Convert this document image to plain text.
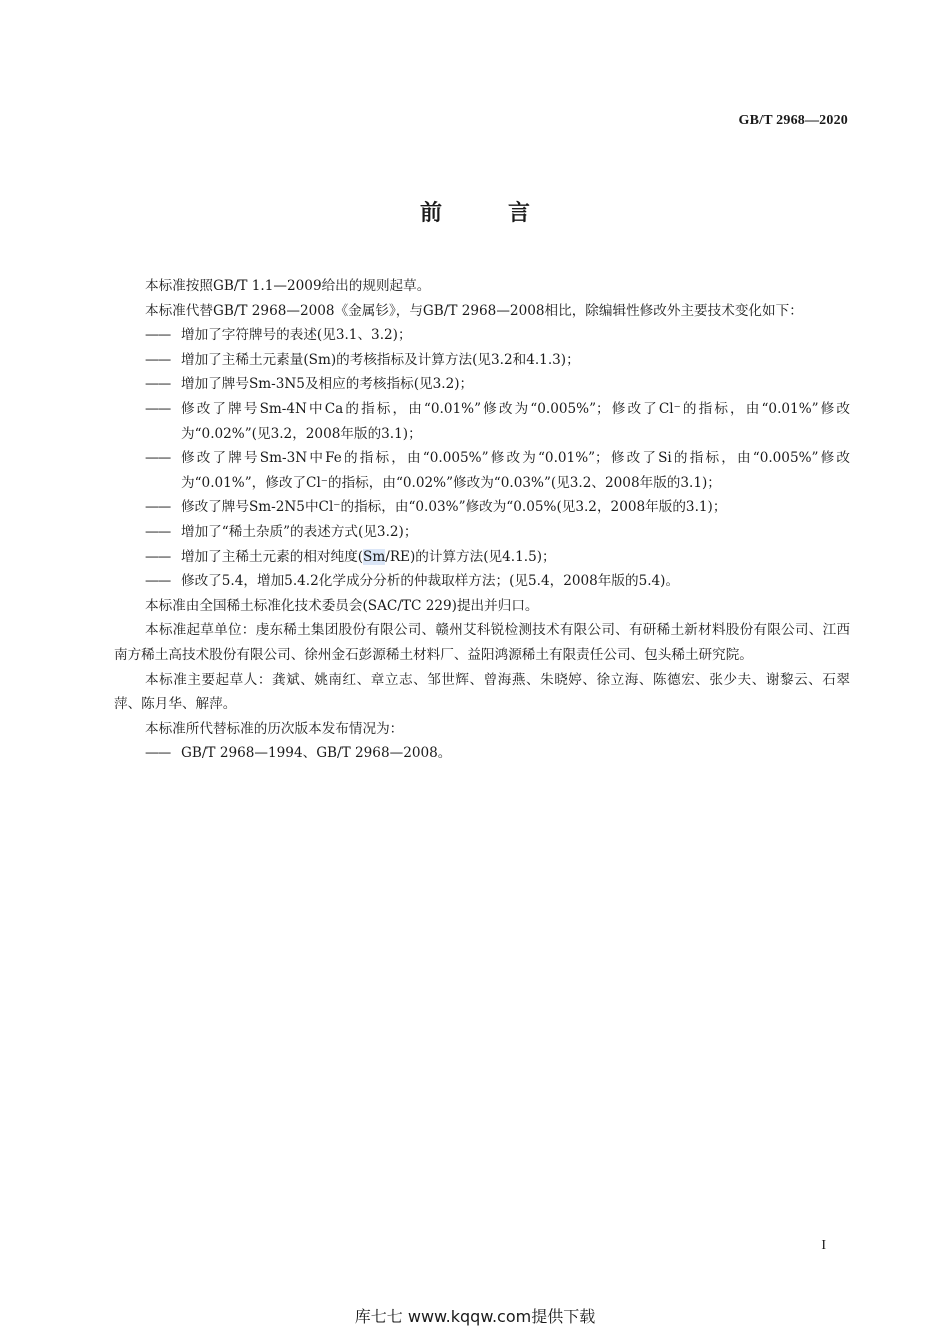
GB/T 2968—2020
前	言

本标准按照GB/T 1.1—2009给出的规则起草。

本标准代替GB/T 2968—2008《金属钐》，与GB/T 2968—2008相比，除编辑性修改外主要技术变化如下：

—— 增加了字符牌号的表述(见3.1、3.2)；
—— 增加了主稀土元素量(Sm)的考核指标及计算方法(见3.2和4.1.3)；
—— 增加了牌号Sm-3N5及相应的考核指标(见3.2)；
—— 修改了牌号Sm-4N中Ca的指标，由“0.01%”修改为“0.005%”；修改了Cl⁻的指标，由“0.01%”修改为“0.02%”(见3.2，2008年版的3.1)；
—— 修改了牌号Sm-3N中Fe的指标，由“0.005%”修改为“0.01%”；修改了Si的指标，由“0.005%”修改为“0.01%”，修改了Cl⁻的指标，由“0.02%”修改为“0.03%”(见3.2、2008年版的3.1)；
—— 修改了牌号Sm-2N5中Cl⁻的指标，由“0.03%”修改为“0.05%(见3.2，2008年版的3.1)；
—— 增加了“稀土杂质”的表述方式(见3.2)；
—— 增加了主稀土元素的相对纯度(Sm/RE)的计算方法(见4.1.5)；
—— 修改了5.4，增加5.4.2化学成分分析的仲裁取样方法；(见5.4，2008年版的5.4)。

本标准由全国稀土标准化技术委员会(SAC/TC 229)提出并归口。

本标准起草单位：虔东稀土集团股份有限公司、赣州艾科锐检测技术有限公司、有研稀土新材料股份有限公司、江西南方稀土高技术股份有限公司、徐州金石彭源稀土材料厂、益阳鸿源稀土有限责任公司、包头稀土研究院。

本标准主要起草人：龚斌、姚南红、章立志、邹世辉、曾海燕、朱晓婷、徐立海、陈德宏、张少夫、谢黎云、石翠萍、陈月华、解萍。

本标准所代替标准的历次版本发布情况为：

—— GB/T 2968—1994、GB/T 2968—2008。
I
库七七 www.kqqw.com提供下载
